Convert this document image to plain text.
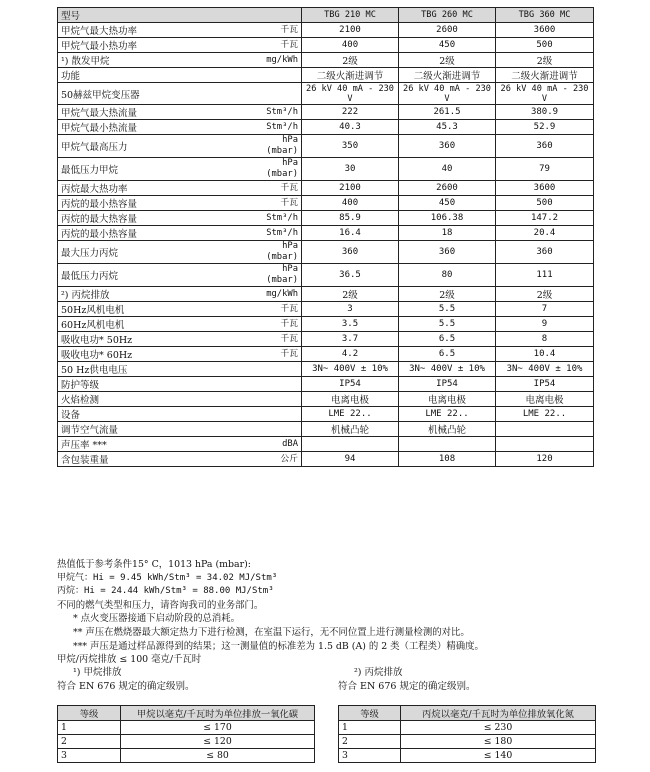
型号	TBG 210 MC	TBG 260 MC	TBG 360 MC

甲烷气最大热功率 千瓦	2100	2600	3600

甲烷气最小热功率 千瓦	400	450	500

¹) 散发甲烷 mg/kWh	2级	2级	2级

功能	二级火渐进调节	二级火渐进调节	二级火渐进调节

50赫兹甲烷变压器	26 kV 40 mA - 230 V	26 kV 40 mA - 230 V	26 kV 40 mA - 230 V

甲烷气最大热流量 Stm³/h	222	261.5	380.9

甲烷气最小热流量 Stm³/h	40.3	45.3	52.9

甲烷气最高压力
hPa
(mbar)	350	360	360

最低压力甲烷
hPa
(mbar)	30	40	79

丙烷最大热功率 千瓦	2100	2600	3600

丙烷的最小热容量 千瓦	400	450	500

丙烷的最大热容量 Stm³/h	85.9	106.38	147.2

丙烷的最小热容量 Stm³/h	16.4	18	20.4

最大压力丙烷
hPa
(mbar)	360	360	360

最低压力丙烷
hPa
(mbar)	36.5	80	111

²) 丙烷排放 mg/kWh	2级	2级	2级

50Hz风机电机 千瓦	3	5.5	7

60Hz风机电机 千瓦	3.5	5.5	9

吸收电功* 50Hz 千瓦	3.7	6.5	8

吸收电功* 60Hz 千瓦	4.2	6.5	10.4

50 Hz供电电压	3N~ 400V ± 10%	3N~ 400V ± 10%	3N~ 400V ± 10%

防护等级	IP54	IP54	IP54

火焰检测	电离电极	电离电极	电离电极

设备	LME 22..	LME 22..	LME 22..

调节空气流量	机械凸轮	机械凸轮	

声压率 *** dBA			

含包装重量 公斤	94	108	120
热值低于参考条件15° C，1013 hPa (mbar):
甲烷气：Hi = 9.45 kWh/Stm³ = 34.02 MJ/Stm³
丙烷：Hi = 24.44 kWh/Stm³ = 88.00 MJ/Stm³
不同的燃气类型和压力，请咨询我司的业务部门。
* 点火变压器接通下启动阶段的总消耗。
** 声压在燃烧器最大额定热力下进行检测，在室温下运行，无不同位置上进行测量检测的对比。
*** 声压是通过样品源得到的结果；这一测量值的标准差为 1.5 dB (A) 的 2 类（工程类）精确度。
甲烷/丙烷排放 ≤ 100 毫克/千瓦时
¹) 甲烷排放
符合 EN 676 规定的确定级别。
²) 丙烷排放
符合 EN 676 规定的确定级别。
等级	甲烷以毫克/千瓦时为单位排放一氧化碳
1	≤ 170
2	≤ 120
3	≤ 80
等级	丙烷以毫克/千瓦时为单位排放氧化氮
1	≤ 230
2	≤ 180
3	≤ 140
